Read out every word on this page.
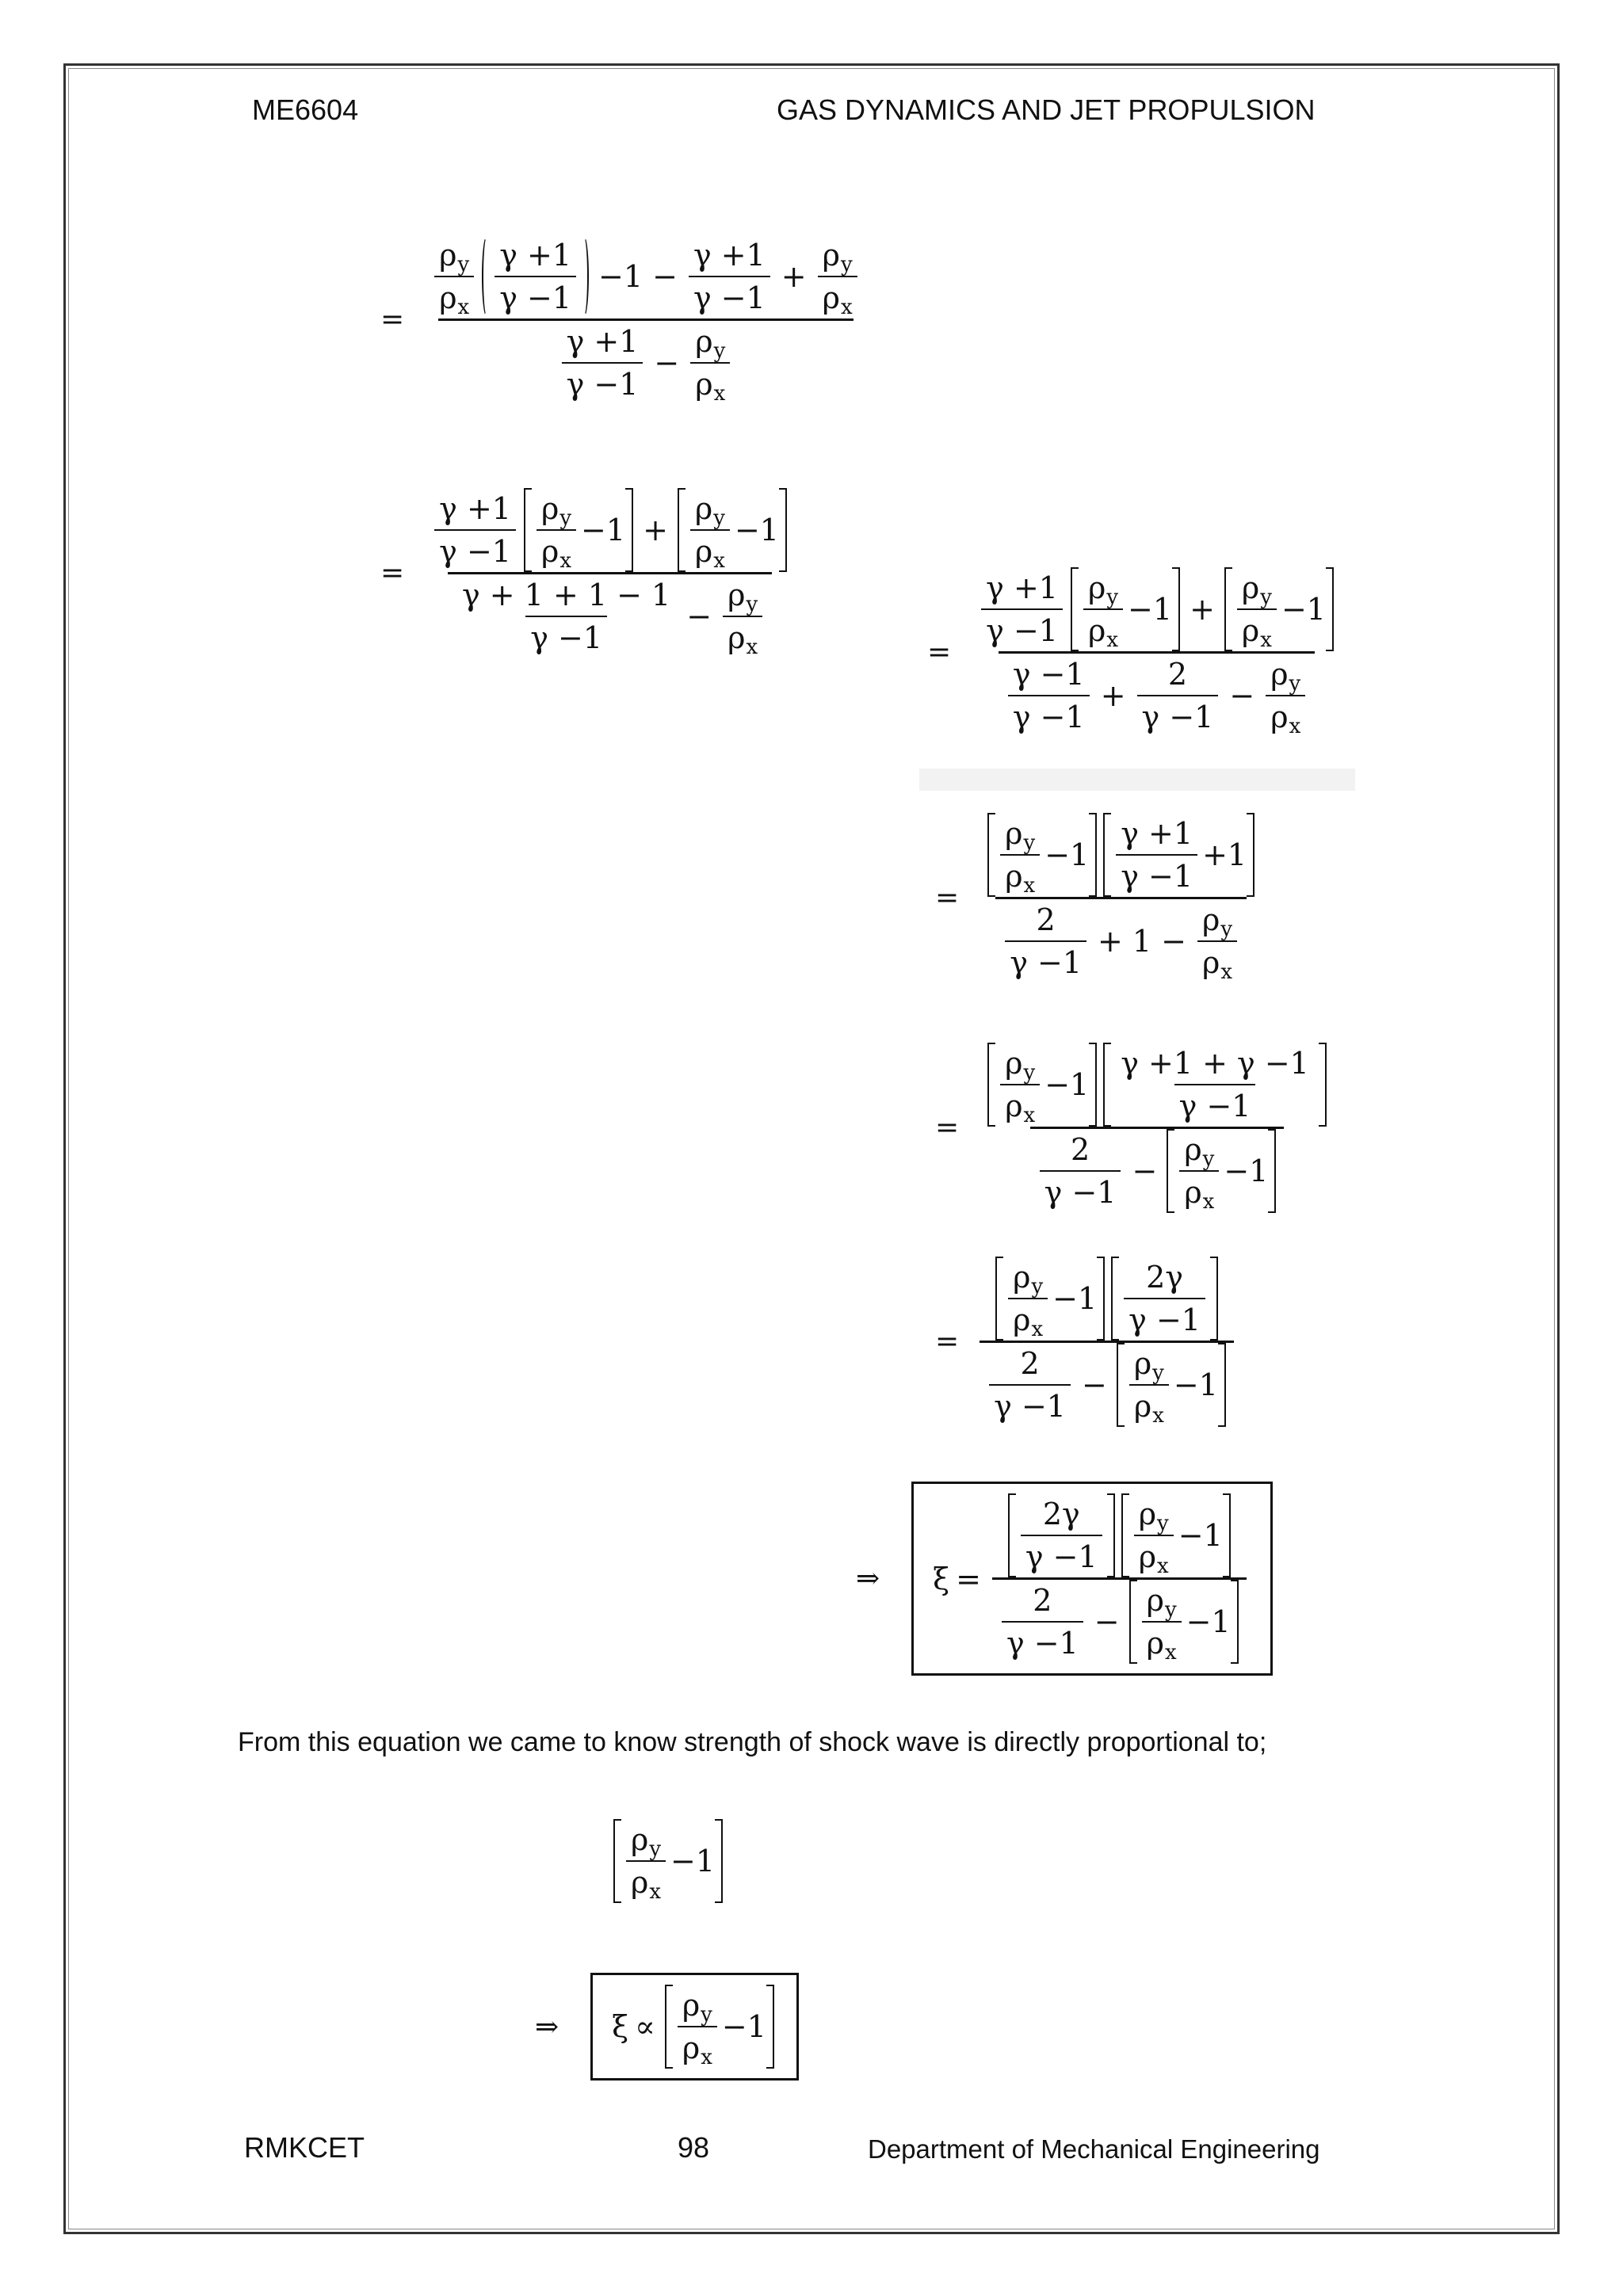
ME6604	GAS DYNAMICS AND JET PROPULSION
=
$\frac{\text{ρ y}}{\text{ρ x}} \frac{\gamma +1}{\gamma -1} -1 - \frac{\gamma +1}{\gamma -1} + \frac{\text{ρ y}}{\text{ρ x}}$
$\frac{\gamma +1}{\gamma -1} - \frac{\text{ρ y}}{\text{ρ x}}$
= $\frac{\frac{\gamma +1}{\gamma -1} \frac{\text{ρ y}}{\text{ρ x}} -1 + \frac{\text{ρ y}}{\text{ρ x}} -1}{\frac{\gamma + 1 + 1 - 1}{\gamma -1} - \frac{\text{ρ y}}{\text{ρ x}}}$	= $\frac{\frac{\gamma +1}{\gamma -1} \frac{\text{ρ y}}{\text{ρ x}} -1 + \frac{\text{ρ y}}{\text{ρ x}} -1}{\frac{\gamma -1}{\gamma -1} + \frac{2}{\gamma -1} - \frac{\text{ρ y}}{\text{ρ x}}}$
= $\frac{\frac{\text{ρ y}}{\text{ρ x}} -1 \frac{\gamma +1}{\gamma -1} +1}{\frac{2}{\gamma -1} + 1 - \frac{\text{ρ y}}{\text{ρ x}}}$
= $\frac{\frac{\text{ρ y}}{\text{ρ x}} -1 \frac{\gamma +1 + \gamma -1}{\gamma -1}}{\frac{2}{\gamma -1} - \frac{\text{ρ y}}{\text{ρ x}} -1}$
= $\frac{\frac{\text{ρ y}}{\text{ρ x}} -1 \frac{2\gamma}{\gamma -1}}{\frac{2}{\gamma -1} - \frac{\text{ρ y}}{\text{ρ x}} -1}$
⇒ $\xi = \frac{\frac{2\gamma}{\gamma -1} \frac{\text{ρ y}}{\text{ρ x}} -1}{\frac{2}{\gamma -1} - \frac{\text{ρ y}}{\text{ρ x}} -1}$
From this equation we came to know strength of shock wave is directly proportional to;
$\frac{\text{ρ y}}{\text{ρ x}} -1$
⇒ $\xi \propto \frac{\text{ρ y}}{\text{ρ x}} -1$
RMKCET	98	Department of Mechanical Engineering
